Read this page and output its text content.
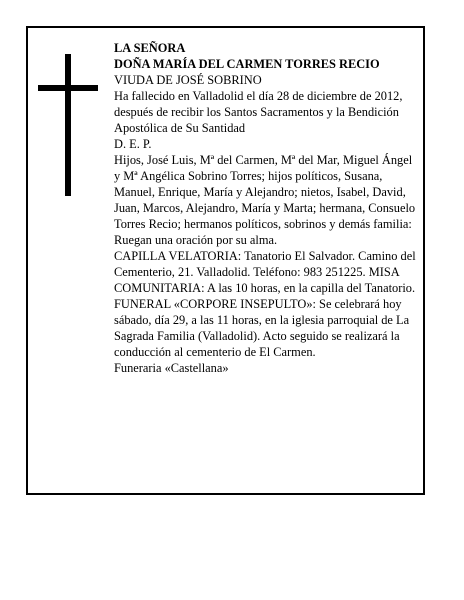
LA SEÑORA

DOÑA MARÍA DEL CARMEN TORRES RECIO

VIUDA DE JOSÉ SOBRINO

Ha fallecido en Valladolid el día 28 de diciembre de 2012, después de recibir los Santos Sacramentos y la Bendición Apostólica de Su Santidad

D. E. P.

Hijos, José Luis, Mª del Carmen, Mª del Mar, Miguel Ángel y Mª Angélica Sobrino Torres; hijos políticos, Susana, Manuel, Enrique, María y Alejandro; nietos, Isabel, David, Juan, Marcos, Alejandro, María y Marta; hermana, Consuelo Torres Recio; hermanos políticos, sobrinos y demás familia:

Ruegan una oración por su alma.

CAPILLA VELATORIA: Tanatorio El Salvador. Camino del Cementerio, 21. Valladolid. Teléfono: 983 251225. MISA COMUNITARIA: A las 10 horas, en la capilla del Tanatorio.

FUNERAL «CORPORE INSEPULTO»: Se celebrará hoy sábado, día 29, a las 11 horas, en la iglesia parroquial de La Sagrada Familia (Valladolid). Acto seguido se realizará la conducción al cementerio de El Carmen.

Funeraria «Castellana»
